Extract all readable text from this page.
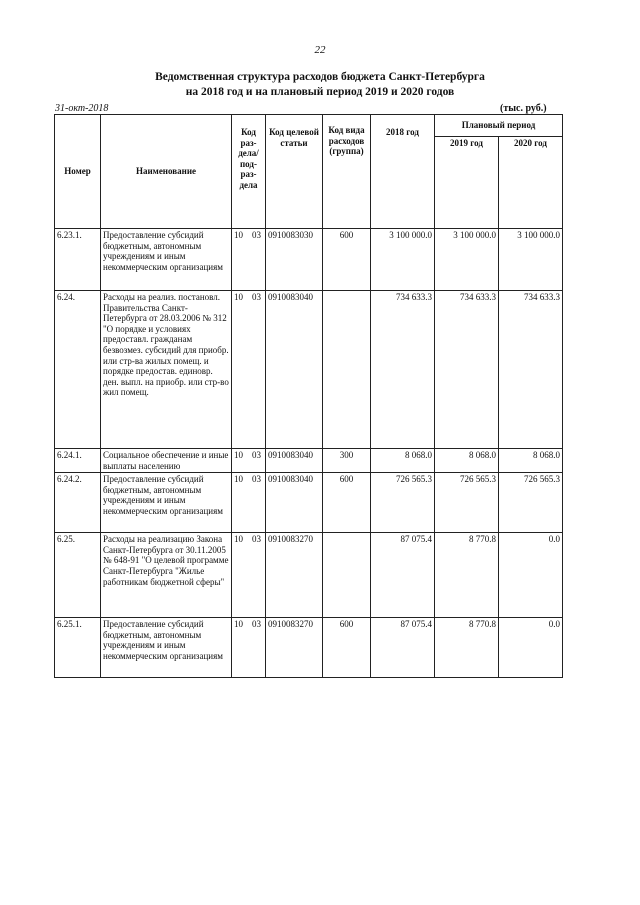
22
Ведомственная структура расходов бюджета Санкт-Петербурга
на 2018 год и на плановый период 2019 и 2020 годов
31-окт-2018	(тыс. руб.)
Номер	Наименование	Код раз- дела/ под- раз- дела	Код целевой статьи	Код вида расходов (группа)	2018 год	Плановый период	
						2019 год	2020 год
6.23.1.	Предоставление субсидий бюджетным, автономным учреждениям и иным некоммерческим организациям	10 03	0910083030	600	3 100 000.0	3 100 000.0	3 100 000.0
6.24.	Расходы на реализ. постановл. Правительства Санкт-Петербурга от 28.03.2006 № 312 "О порядке и условиях предоставл. гражданам безвозмез. субсидий для приобр. или стр-ва жилых помещ. и порядке предостав. единовр. ден. выпл. на приобр. или стр-во жил помещ.	10 03	0910083040		734 633.3	734 633.3	734 633.3
6.24.1.	Социальное обеспечение и иные выплаты населению	10 03	0910083040	300	8 068.0	8 068.0	8 068.0
6.24.2.	Предоставление субсидий бюджетным, автономным учреждениям и иным некоммерческим организациям	10 03	0910083040	600	726 565.3	726 565.3	726 565.3
6.25.	Расходы на реализацию Закона Санкт-Петербурга от 30.11.2005 № 648-91 "О целевой программе Санкт-Петербурга "Жилье работникам бюджетной сферы"	10 03	0910083270		87 075.4	8 770.8	0.0
6.25.1.	Предоставление субсидий бюджетным, автономным учреждениям и иным некоммерческим организациям	10 03	0910083270	600	87 075.4	8 770.8	0.0
